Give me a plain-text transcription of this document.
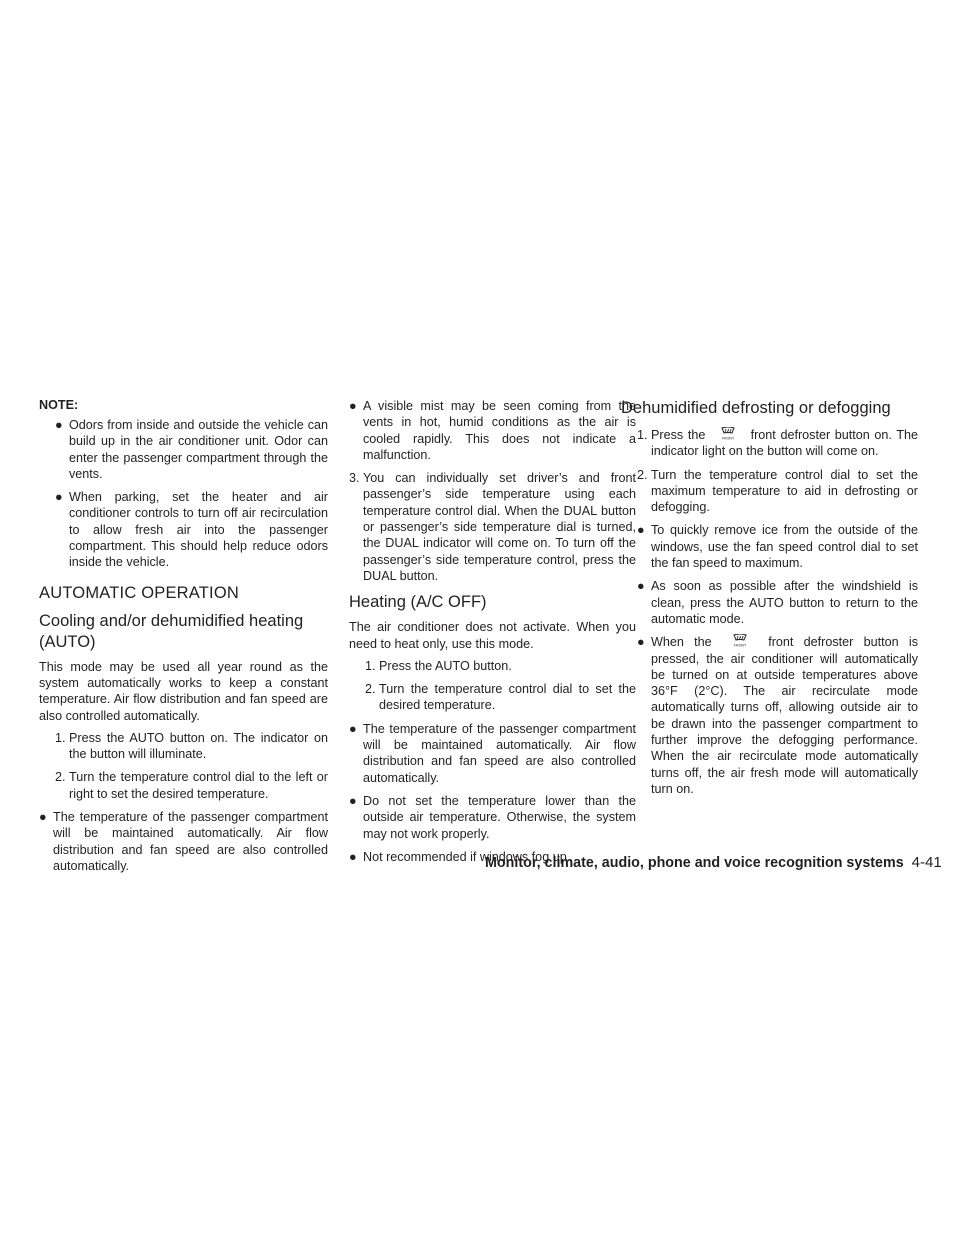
NOTE:
● Odors from inside and outside the vehicle can build up in the air conditioner unit. Odor can enter the passenger compartment through the vents.
● When parking, set the heater and air conditioner controls to turn off air recirculation to allow fresh air into the passenger compartment. This should help reduce odors inside the vehicle.
AUTOMATIC OPERATION
Cooling and/or dehumidified heating (AUTO)

This mode may be used all year round as the system automatically works to keep a constant temperature. Air flow distribution and fan speed are also controlled automatically.

1. Press the AUTO button on. The indicator on the button will illuminate.
2. Turn the temperature control dial to the left or right to set the desired temperature.
● The temperature of the passenger compartment will be maintained automatically. Air flow distribution and fan speed are also controlled automatically.
● A visible mist may be seen coming from the vents in hot, humid conditions as the air is cooled rapidly. This does not indicate a malfunction.
3. You can individually set driver’s and front passenger’s side temperature using each temperature control dial. When the DUAL button or passenger’s side temperature dial is turned, the DUAL indicator will come on. To turn off the passenger’s side temperature control, press the DUAL button.
Heating (A/C OFF)

The air conditioner does not activate. When you need to heat only, use this mode.

1. Press the AUTO button.
2. Turn the temperature control dial to set the desired temperature.
● The temperature of the passenger compartment will be maintained automatically. Air flow distribution and fan speed are also controlled automatically.
● Do not set the temperature lower than the outside air temperature. Otherwise, the system may not work properly.
● Not recommended if windows fog up.
Dehumidified defrosting or defogging
1. Press the	FRONT front defroster button on. The indicator light on the button will come on.
2. Turn the temperature control dial to set the maximum temperature to aid in defrosting or defogging.
● To quickly remove ice from the outside of the windows, use the fan speed control dial to set the fan speed to maximum.
● As soon as possible after the windshield is clean, press the AUTO button to return to the automatic mode.
● When the	FRONT front defroster button is pressed, the air conditioner will automatically be turned on at outside temperatures above 36°F (2°C). The air recirculate mode automatically turns off, allowing outside air to be drawn into the passenger compartment to further improve the defogging performance. When the air recirculate mode automatically turns off, the air fresh mode will automatically turn on.
Monitor, climate, audio, phone and voice recognition systems 4-41
